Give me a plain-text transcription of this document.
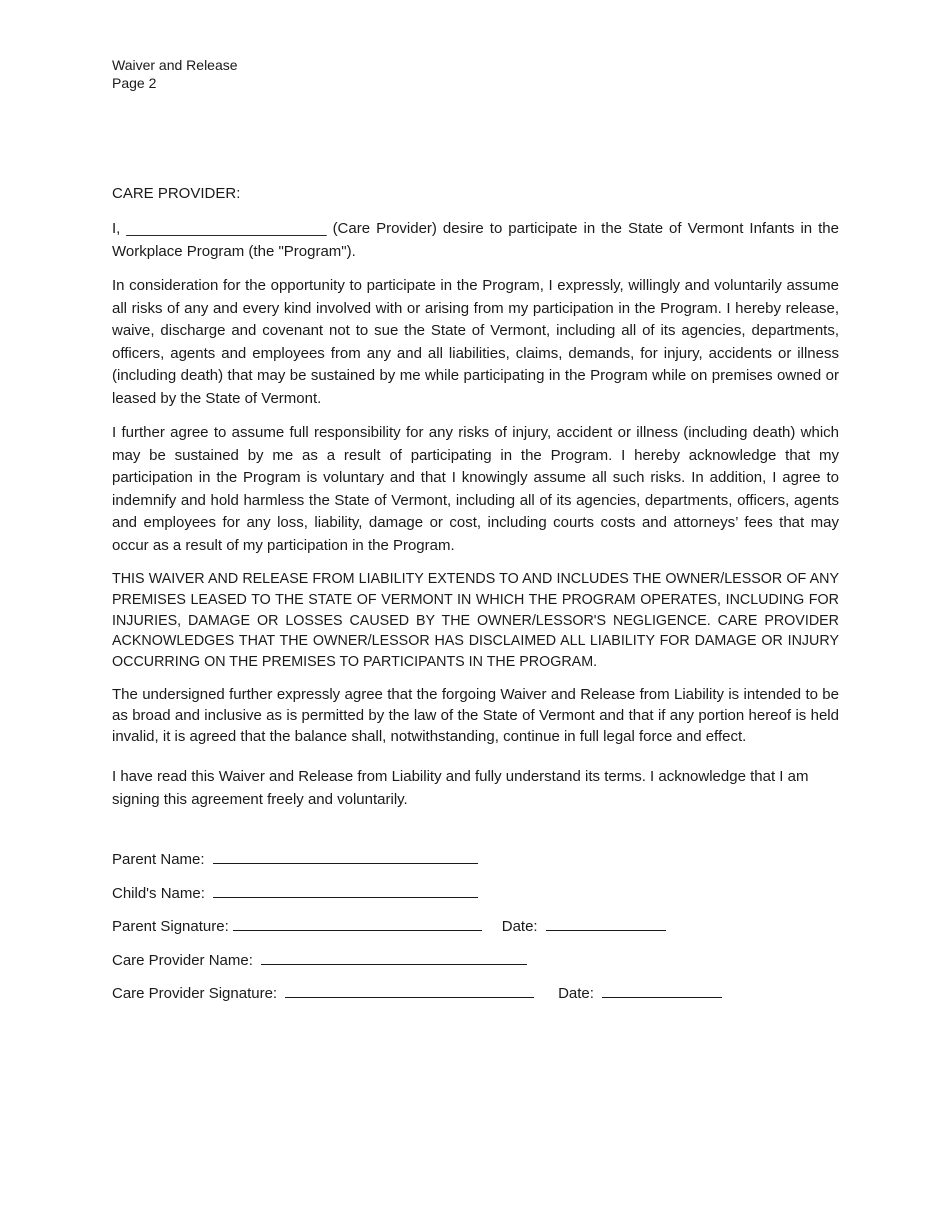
Waiver and Release
Page 2
CARE PROVIDER:

I, ________________________ (Care Provider) desire to participate in the State of Vermont Infants in the Workplace Program (the "Program").

In consideration for the opportunity to participate in the Program, I expressly, willingly and voluntarily assume all risks of any and every kind involved with or arising from my participation in the Program. I hereby release, waive, discharge and covenant not to sue the State of Vermont, including all of its agencies, departments, officers, agents and employees from any and all liabilities, claims, demands, for injury, accidents or illness (including death) that may be sustained by me while participating in the Program while on premises owned or leased by the State of Vermont.

I further agree to assume full responsibility for any risks of injury, accident or illness (including death) which may be sustained by me as a result of participating in the Program. I hereby acknowledge that my participation in the Program is voluntary and that I knowingly assume all such risks. In addition, I agree to indemnify and hold harmless the State of Vermont, including all of its agencies, departments, officers, agents and employees for any loss, liability, damage or cost, including courts costs and attorneys’ fees that may occur as a result of my participation in the Program.

THIS WAIVER AND RELEASE FROM LIABILITY EXTENDS TO AND INCLUDES THE OWNER/LESSOR OF ANY PREMISES LEASED TO THE STATE OF VERMONT IN WHICH THE PROGRAM OPERATES, INCLUDING FOR INJURIES, DAMAGE OR LOSSES CAUSED BY THE OWNER/LESSOR'S NEGLIGENCE. CARE PROVIDER ACKNOWLEDGES THAT THE OWNER/LESSOR HAS DISCLAIMED ALL LIABILITY FOR DAMAGE OR INJURY OCCURRING ON THE PREMISES TO PARTICIPANTS IN THE PROGRAM.

The undersigned further expressly agree that the forgoing Waiver and Release from Liability is intended to be as broad and inclusive as is permitted by the law of the State of Vermont and that if any portion hereof is held invalid, it is agreed that the balance shall, notwithstanding, continue in full legal force and effect.

I have read this Waiver and Release from Liability and fully understand its terms. I acknowledge that I am signing this agreement freely and voluntarily.

Parent Name:
Child's Name:
Parent Signature:	Date:
Care Provider Name:
Care Provider Signature:	Date:
